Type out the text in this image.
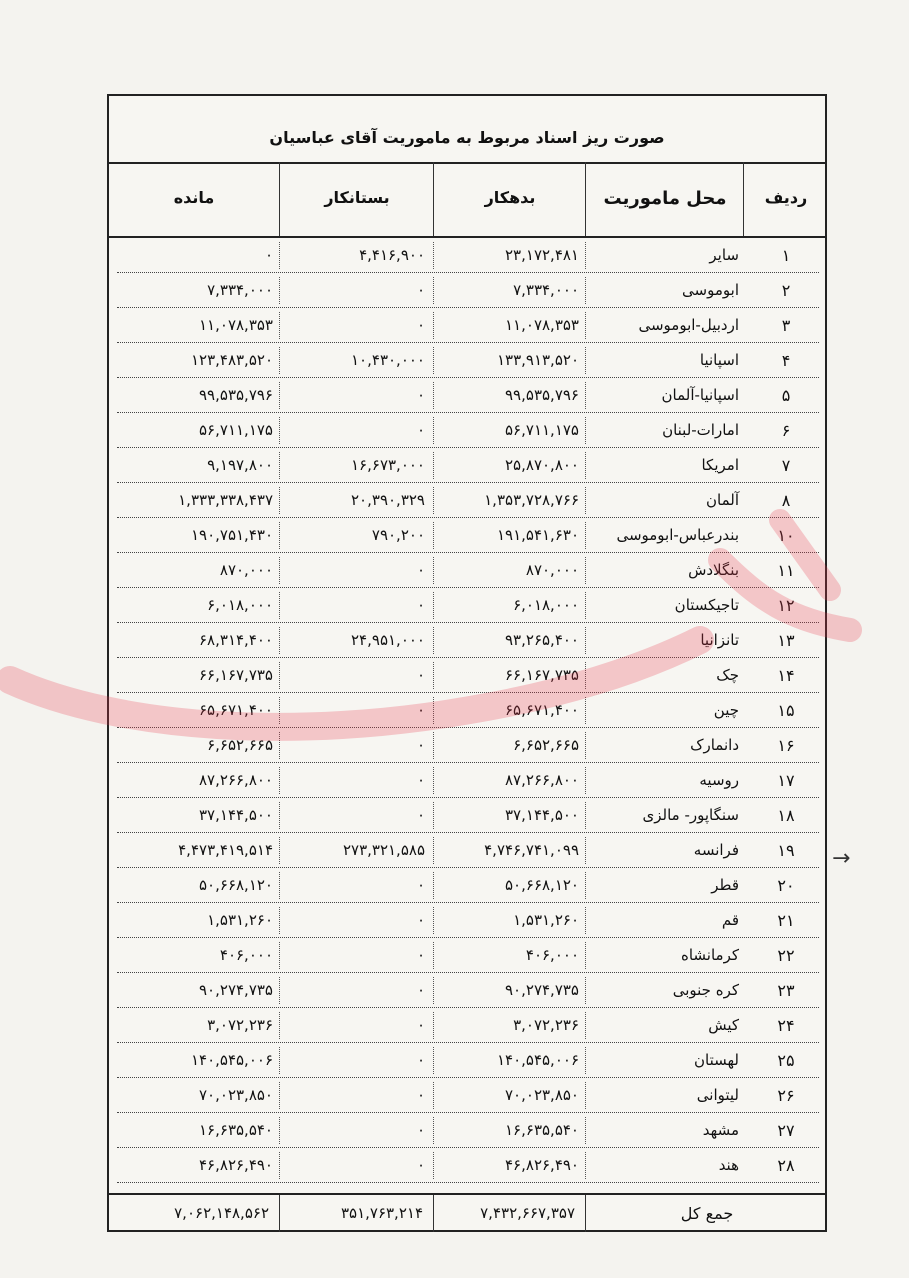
صورت ریز اسناد مربوط به ماموریت آقای عباسیان
ردیف
محل ماموریت
بدهکار
بستانکار
مانده
۱
سایر
۲۳,۱۷۲,۴۸۱
۴,۴۱۶,۹۰۰
۰
۲
ابوموسی
۷,۳۳۴,۰۰۰
۰
۷,۳۳۴,۰۰۰
۳
اردبیل-ابوموسی
۱۱,۰۷۸,۳۵۳
۰
۱۱,۰۷۸,۳۵۳
۴
اسپانیا
۱۳۳,۹۱۳,۵۲۰
۱۰,۴۳۰,۰۰۰
۱۲۳,۴۸۳,۵۲۰
۵
اسپانیا-آلمان
۹۹,۵۳۵,۷۹۶
۰
۹۹,۵۳۵,۷۹۶
۶
امارات-لبنان
۵۶,۷۱۱,۱۷۵
۰
۵۶,۷۱۱,۱۷۵
۷
امریکا
۲۵,۸۷۰,۸۰۰
۱۶,۶۷۳,۰۰۰
۹,۱۹۷,۸۰۰
۸
آلمان
۱,۳۵۳,۷۲۸,۷۶۶
۲۰,۳۹۰,۳۲۹
۱,۳۳۳,۳۳۸,۴۳۷
۱۰
بندرعباس-ابوموسی
۱۹۱,۵۴۱,۶۳۰
۷۹۰,۲۰۰
۱۹۰,۷۵۱,۴۳۰
۱۱
بنگلادش
۸۷۰,۰۰۰
۰
۸۷۰,۰۰۰
۱۲
تاجیکستان
۶,۰۱۸,۰۰۰
۰
۶,۰۱۸,۰۰۰
۱۳
تانزانیا
۹۳,۲۶۵,۴۰۰
۲۴,۹۵۱,۰۰۰
۶۸,۳۱۴,۴۰۰
۱۴
چک
۶۶,۱۶۷,۷۳۵
۰
۶۶,۱۶۷,۷۳۵
۱۵
چین
۶۵,۶۷۱,۴۰۰
۰
۶۵,۶۷۱,۴۰۰
۱۶
دانمارک
۶,۶۵۲,۶۶۵
۰
۶,۶۵۲,۶۶۵
۱۷
روسیه
۸۷,۲۶۶,۸۰۰
۰
۸۷,۲۶۶,۸۰۰
۱۸
سنگاپور- مالزی
۳۷,۱۴۴,۵۰۰
۰
۳۷,۱۴۴,۵۰۰
۱۹
فرانسه
۴,۷۴۶,۷۴۱,۰۹۹
۲۷۳,۳۲۱,۵۸۵
۴,۴۷۳,۴۱۹,۵۱۴
۲۰
قطر
۵۰,۶۶۸,۱۲۰
۰
۵۰,۶۶۸,۱۲۰
۲۱
قم
۱,۵۳۱,۲۶۰
۰
۱,۵۳۱,۲۶۰
۲۲
کرمانشاه
۴۰۶,۰۰۰
۰
۴۰۶,۰۰۰
۲۳
کره جنوبی
۹۰,۲۷۴,۷۳۵
۰
۹۰,۲۷۴,۷۳۵
۲۴
کیش
۳,۰۷۲,۲۳۶
۰
۳,۰۷۲,۲۳۶
۲۵
لهستان
۱۴۰,۵۴۵,۰۰۶
۰
۱۴۰,۵۴۵,۰۰۶
۲۶
لیتوانی
۷۰,۰۲۳,۸۵۰
۰
۷۰,۰۲۳,۸۵۰
۲۷
مشهد
۱۶,۶۳۵,۵۴۰
۰
۱۶,۶۳۵,۵۴۰
۲۸
هند
۴۶,۸۲۶,۴۹۰
۰
۴۶,۸۲۶,۴۹۰
جمع کل
۷,۴۳۲,۶۶۷,۳۵۷
۳۵۱,۷۶۳,۲۱۴
۷,۰۶۲,۱۴۸,۵۶۲
→
